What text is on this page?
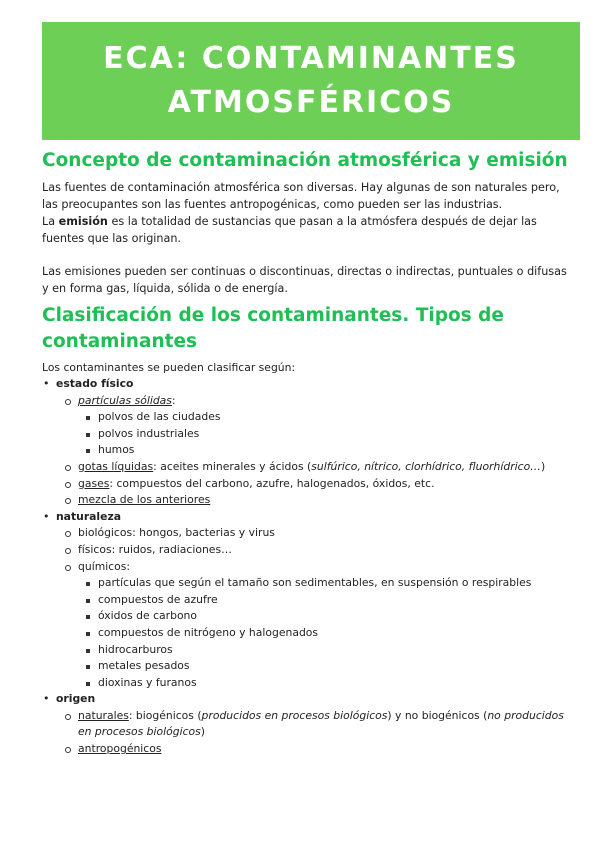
ECA: CONTAMINANTES
ATMOSFÉRICOS
Concepto de contaminación atmosférica y emisión

Las fuentes de contaminación atmosférica son diversas. Hay algunas de son naturales pero, las preocupantes son las fuentes antropogénicas, como pueden ser las industrias.

La emisión es la totalidad de sustancias que pasan a la atmósfera después de dejar las fuentes que las originan.

Las emisiones pueden ser continuas o discontinuas, directas o indirectas, puntuales o difusas y en forma gas, líquida, sólida o de energía.

Clasificación de los contaminantes. Tipos de contaminantes

Los contaminantes se pueden clasificar según:

• estado físico
partículas sólidas:
polvos de las ciudades
polvos industriales
humos
gotas líquidas: aceites minerales y ácidos (sulfúrico, nítrico, clorhídrico, fluorhídrico…)
gases: compuestos del carbono, azufre, halogenados, óxidos, etc.
mezcla de los anteriores
• naturaleza
biológicos: hongos, bacterias y virus
físicos: ruidos, radiaciones…
químicos:
partículas que según el tamaño son sedimentables, en suspensión o respirables
compuestos de azufre
óxidos de carbono
compuestos de nitrógeno y halogenados
hidrocarburos
metales pesados
dioxinas y furanos
• origen
naturales: biogénicos (producidos en procesos biológicos) y no biogénicos (no producidos en procesos biológicos)
antropogénicos
